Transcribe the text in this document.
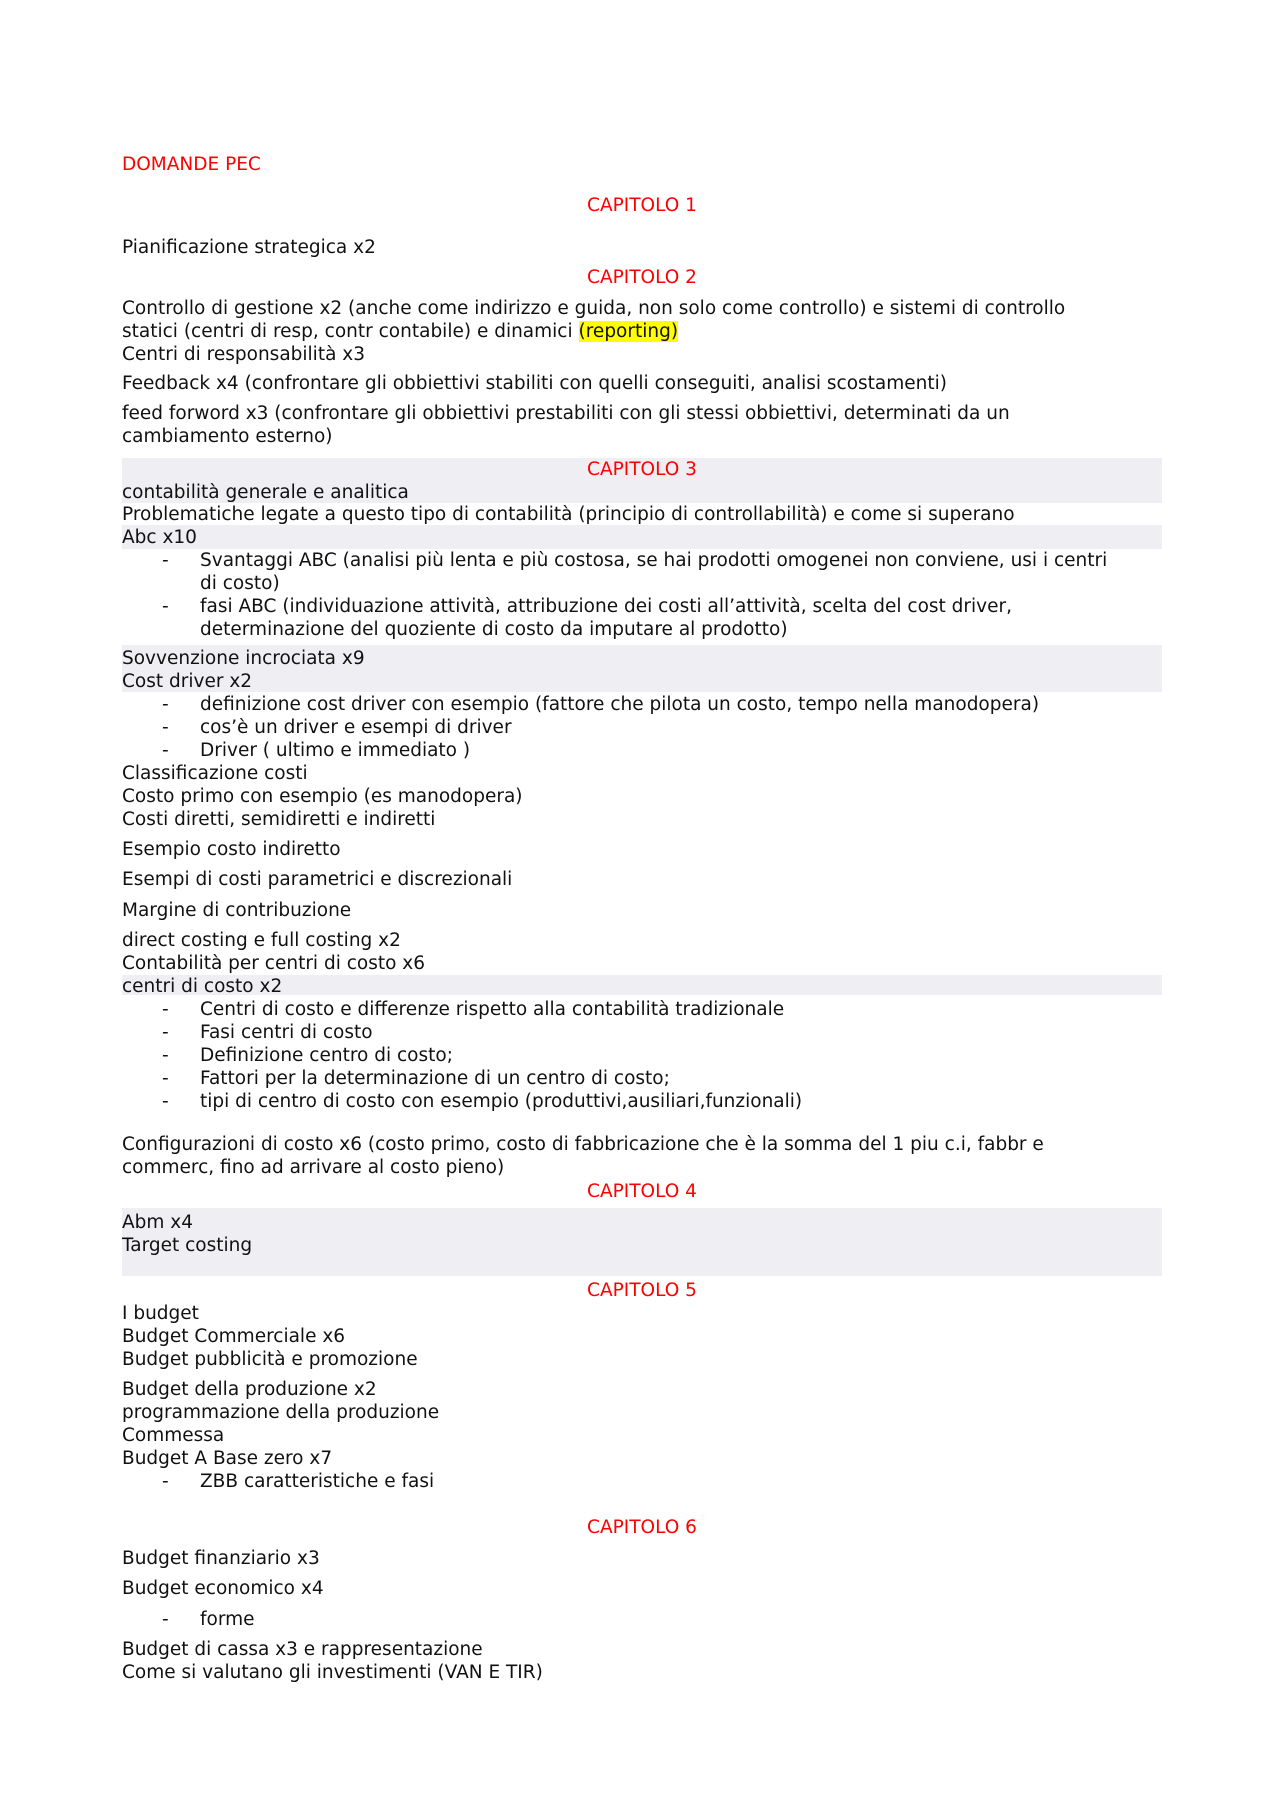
DOMANDE PEC
CAPITOLO 1
Pianificazione strategica x2
CAPITOLO 2
Controllo di gestione x2 (anche come indirizzo e guida, non solo come controllo) e sistemi di controllo
statici (centri di resp, contr contabile) e dinamici (reporting)
Centri di responsabilità x3
Feedback x4 (confrontare gli obbiettivi stabiliti con quelli conseguiti, analisi scostamenti)
feed forword x3 (confrontare gli obbiettivi prestabiliti con gli stessi obbiettivi, determinati da un
cambiamento esterno)
CAPITOLO 3
contabilità generale e analitica
Problematiche legate a questo tipo di contabilità (principio di controllabilità) e come si superano
Abc x10
- Svantaggi ABC (analisi più lenta e più costosa, se hai prodotti omogenei non conviene, usi i centri
di costo)
- fasi ABC (individuazione attività, attribuzione dei costi all’attività, scelta del cost driver,
determinazione del quoziente di costo da imputare al prodotto)
Sovvenzione incrociata x9
Cost driver x2
- definizione cost driver con esempio (fattore che pilota un costo, tempo nella manodopera)
- cos’è un driver e esempi di driver
- Driver ( ultimo e immediato )
Classificazione costi
Costo primo con esempio (es manodopera)
Costi diretti, semidiretti e indiretti
Esempio costo indiretto
Esempi di costi parametrici e discrezionali
Margine di contribuzione
direct costing e full costing x2
Contabilità per centri di costo x6
centri di costo x2
- Centri di costo e differenze rispetto alla contabilità tradizionale
- Fasi centri di costo
- Definizione centro di costo;
- Fattori per la determinazione di un centro di costo;
- tipi di centro di costo con esempio (produttivi,ausiliari,funzionali)
Configurazioni di costo x6 (costo primo, costo di fabbricazione che è la somma del 1 piu c.i, fabbr e
commerc, fino ad arrivare al costo pieno)
CAPITOLO 4
Abm x4
Target costing
CAPITOLO 5
I budget
Budget Commerciale x6
Budget pubblicità e promozione
Budget della produzione x2
programmazione della produzione
Commessa
Budget A Base zero x7
- ZBB caratteristiche e fasi
CAPITOLO 6
Budget finanziario x3
Budget economico x4
- forme
Budget di cassa x3 e rappresentazione
Come si valutano gli investimenti (VAN E TIR)
